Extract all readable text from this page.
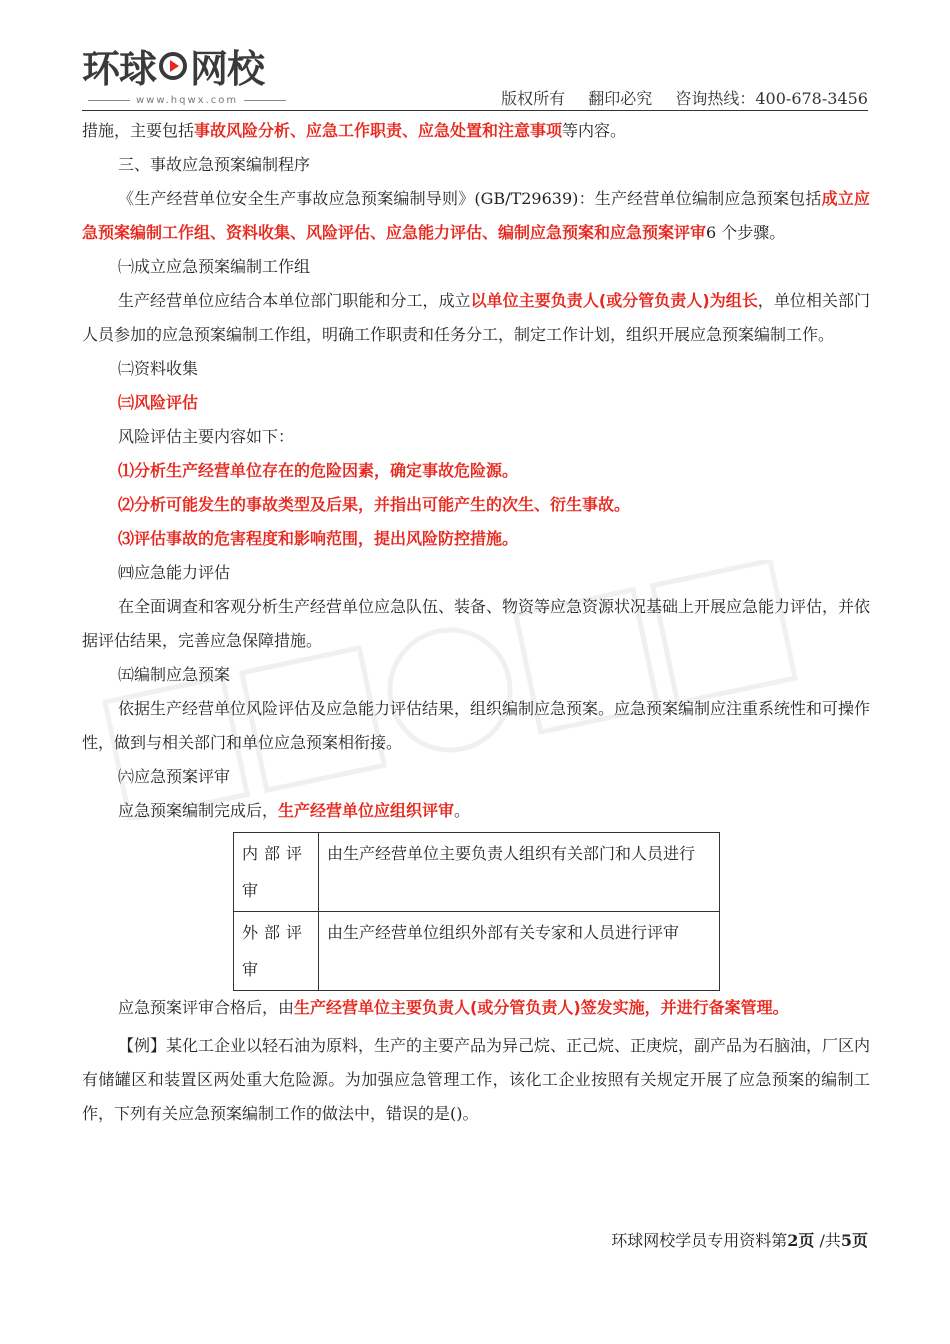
环球 网校
www.hqwx.com	版权所有 翻印必究 咨询热线：400-678-3456

措施，主要包括事故风险分析、应急工作职责、应急处置和注意事项等内容。

三、事故应急预案编制程序

《生产经营单位安全生产事故应急预案编制导则》(GB/T29639)：生产经营单位编制应急预案包括成立应急预案编制工作组、资料收集、风险评估、应急能力评估、编制应急预案和应急预案评审6 个步骤。

㈠成立应急预案编制工作组

生产经营单位应结合本单位部门职能和分工，成立以单位主要负责人(或分管负责人)为组长，单位相关部门人员参加的应急预案编制工作组，明确工作职责和任务分工，制定工作计划，组织开展应急预案编制工作。

㈡资料收集

㈢风险评估

风险评估主要内容如下：

⑴分析生产经营单位存在的危险因素，确定事故危险源。

⑵分析可能发生的事故类型及后果，并指出可能产生的次生、衍生事故。

⑶评估事故的危害程度和影响范围，提出风险防控措施。

㈣应急能力评估

在全面调查和客观分析生产经营单位应急队伍、装备、物资等应急资源状况基础上开展应急能力评估，并依据评估结果，完善应急保障措施。

㈤编制应急预案

依据生产经营单位风险评估及应急能力评估结果，组织编制应急预案。应急预案编制应注重系统性和可操作性，做到与相关部门和单位应急预案相衔接。

㈥应急预案评审

应急预案编制完成后，生产经营单位应组织评审。

内部评审	由生产经营单位主要负责人组织有关部门和人员进行
外部评审	由生产经营单位组织外部有关专家和人员进行评审

应急预案评审合格后，由生产经营单位主要负责人(或分管负责人)签发实施，并进行备案管理。

【例】某化工企业以轻石油为原料，生产的主要产品为异己烷、正己烷、正庚烷，副产品为石脑油，厂区内有储罐区和装置区两处重大危险源。为加强应急管理工作，该化工企业按照有关规定开展了应急预案的编制工作，下列有关应急预案编制工作的做法中，错误的是()。

环球网校学员专用资料第2页 /共5页
